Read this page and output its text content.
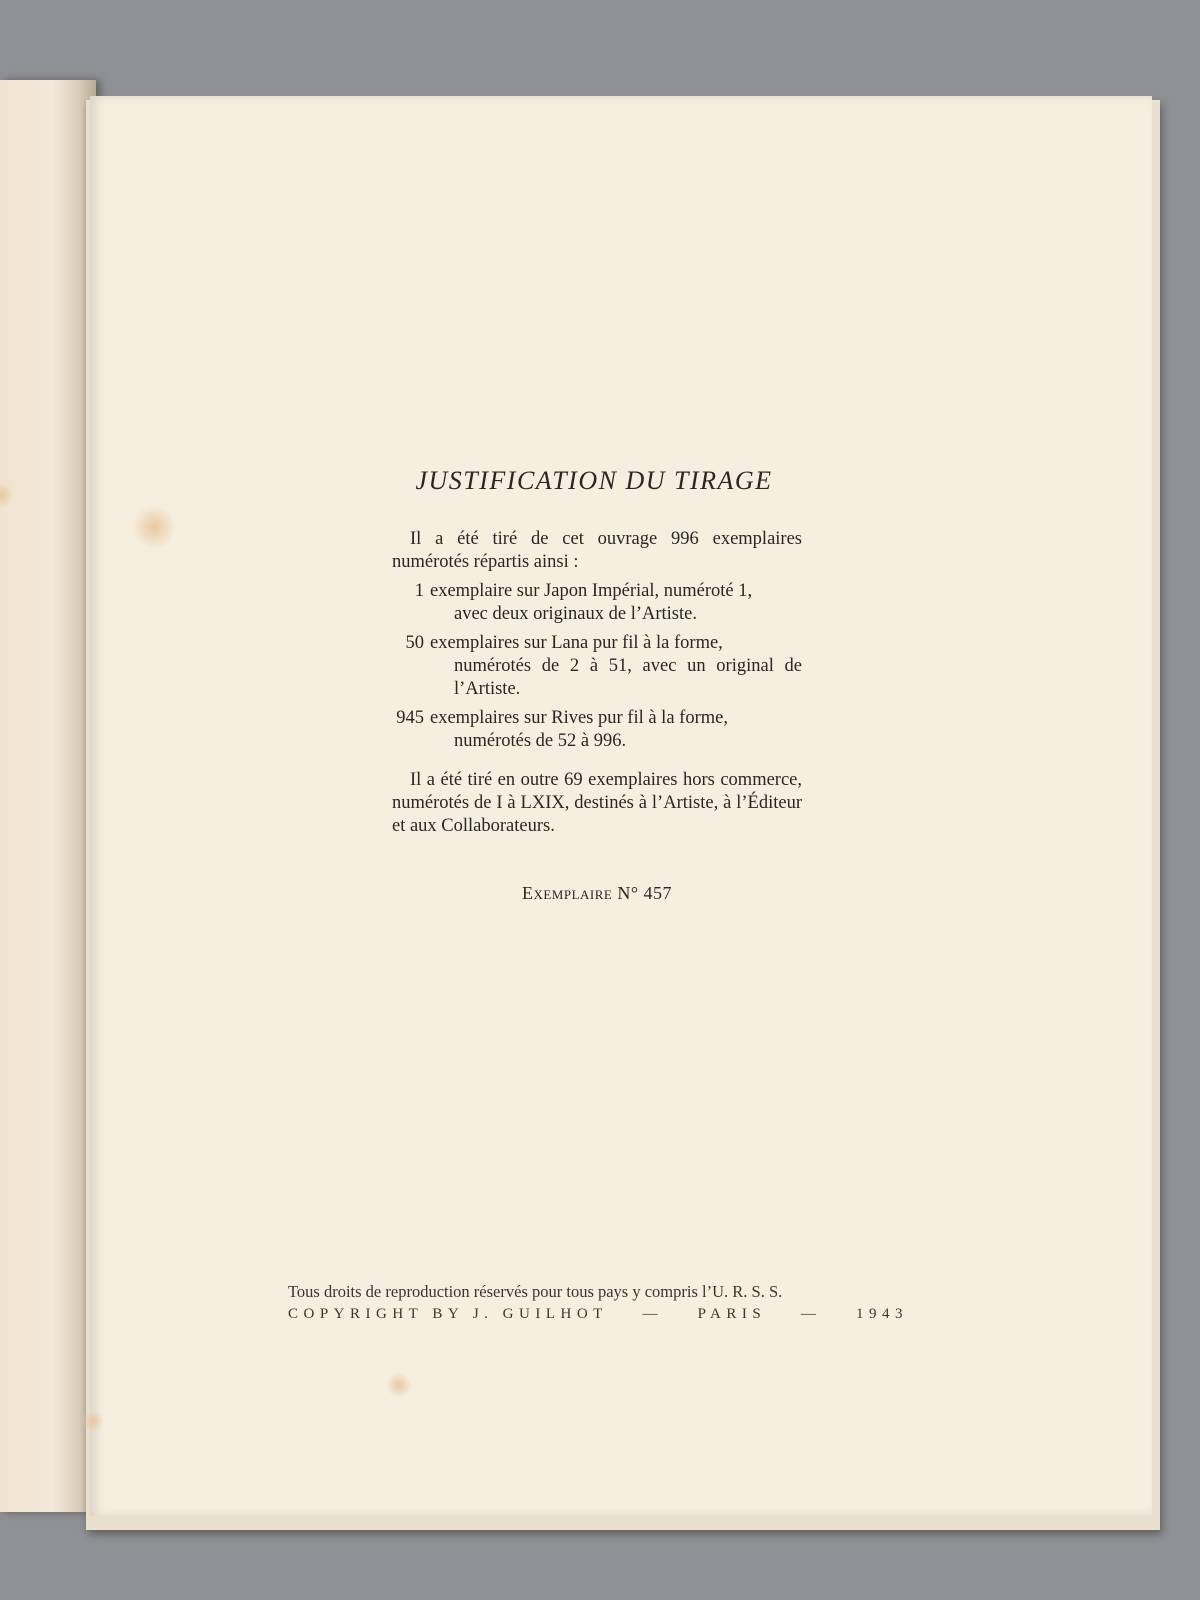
JUSTIFICATION DU TIRAGE

Il a été tiré de cet ouvrage 996 exemplaires numérotés répartis ainsi :

1 exemplaire sur Japon Impérial, numéroté 1,
avec deux originaux de l’Artiste.
50 exemplaires sur Lana pur fil à la forme,
numérotés de 2 à 51, avec un original de l’Artiste.
945 exemplaires sur Rives pur fil à la forme,
numérotés de 52 à 996.

Il a été tiré en outre 69 exemplaires hors commerce, numérotés de I à LXIX, destinés à l’Artiste, à l’Éditeur et aux Collaborateurs.

Exemplaire N° 457
Tous droits de reproduction réservés pour tous pays y compris l’U. R. S. S.
COPYRIGHT BY J. GUILHOT — PARIS — 1943
